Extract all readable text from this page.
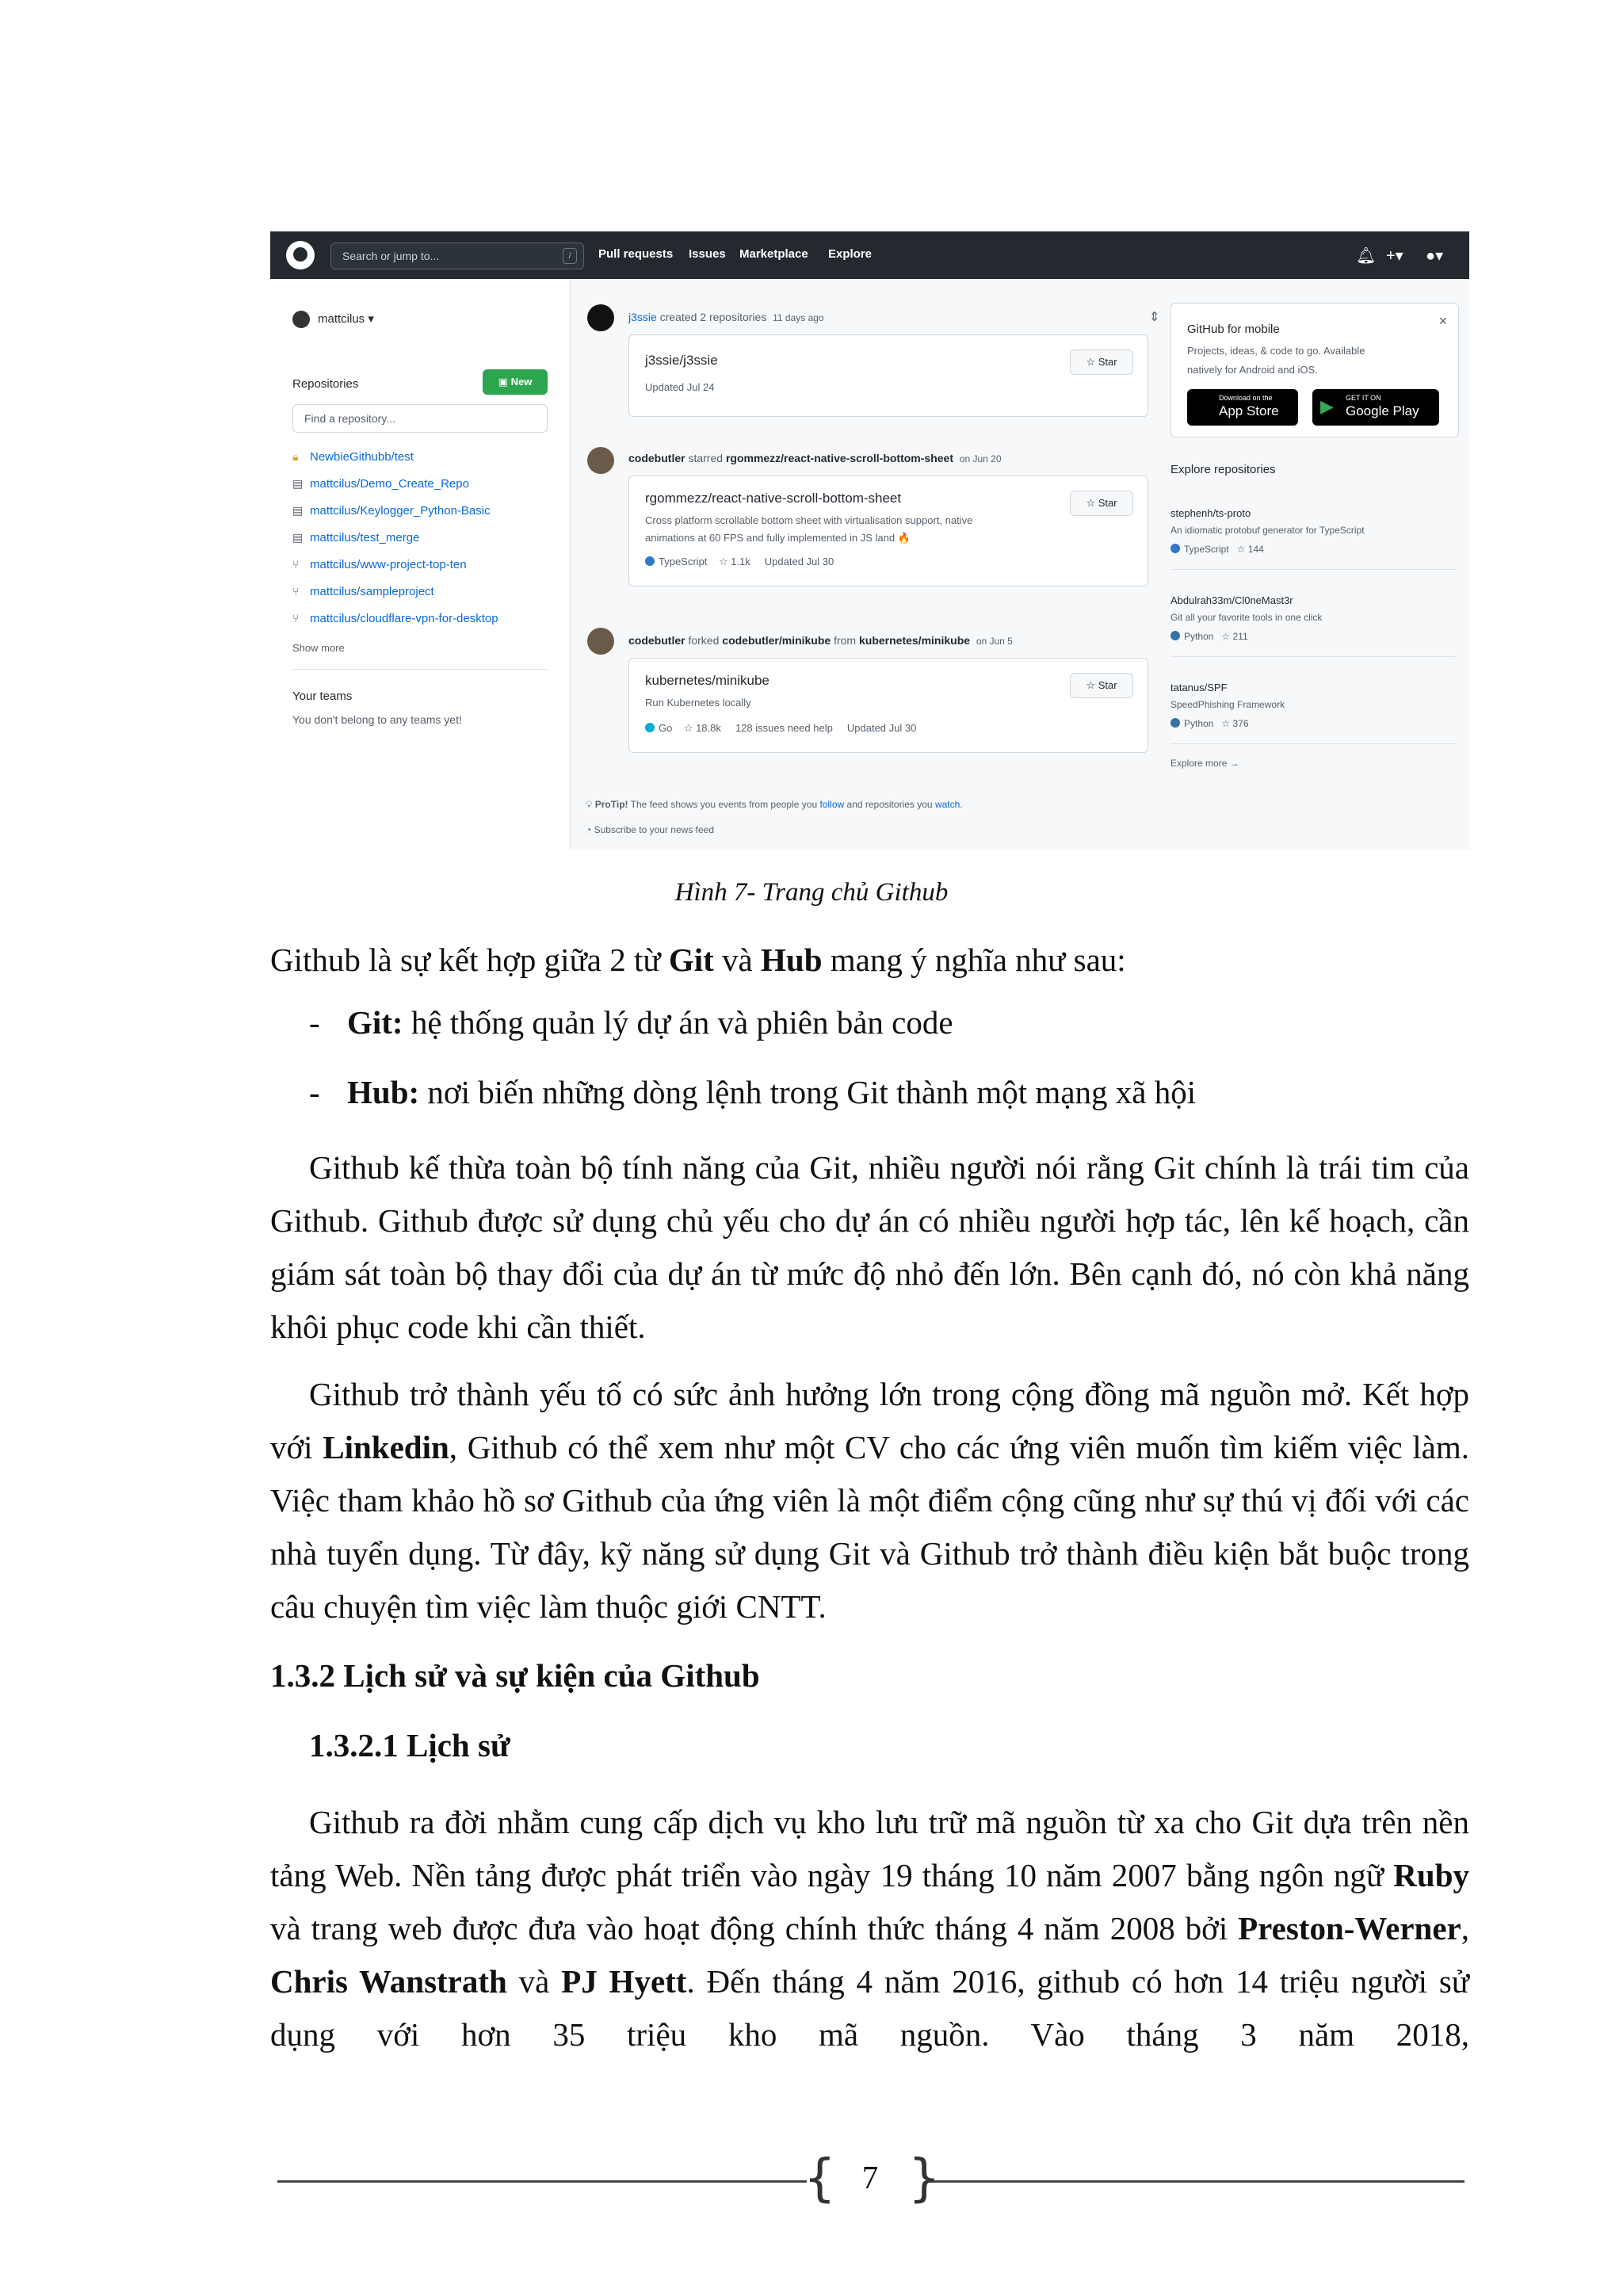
Search or jump to...	/	Pull requests Issues Marketplace Explore	🔔︎ +▾ ●▾
mattcilus ▾
Repositories	▣ New
Find a repository...
🔒︎ NewbieGithubb/test
▤ mattcilus/Demo_Create_Repo
▤ mattcilus/Keylogger_Python-Basic
▤ mattcilus/test_merge
⑂ mattcilus/www-project-top-ten
⑂ mattcilus/sampleproject
⑂ mattcilus/cloudflare-vpn-for-desktop
Show more
Your teams
You don't belong to any teams yet!
j3ssie created 2 repositories 11 days ago	⇕
j3ssie/j3ssie
Updated Jul 24
☆ Star
codebutler starred rgommezz/react-native-scroll-bottom-sheet on Jun 20
rgommezz/react-native-scroll-bottom-sheet
Cross platform scrollable bottom sheet with virtualisation support, native
animations at 60 FPS and fully implemented in JS land 🔥
TypeScript ☆ 1.1k Updated Jul 30
☆ Star
codebutler forked codebutler/minikube from kubernetes/minikube on Jun 5
kubernetes/minikube
Run Kubernetes locally
Go ☆ 18.8k 128 issues need help Updated Jul 30
☆ Star
💡︎ ProTip! The feed shows you events from people you follow and repositories you watch.
◔ Subscribe to your news feed
GitHub for mobile
×
Projects, ideas, & code to go. Available
natively for Android and iOS.
Download on the
App Store ▶ GET IT ON
Google Play
Explore repositories
stephenh/ts-proto
An idiomatic protobuf generator for TypeScript
TypeScript ☆ 144
Abdulrah33m/Cl0neMast3r
Git all your favorite tools in one click
Python ☆ 211
tatanus/SPF
SpeedPhishing Framework
Python ☆ 376
Explore more →
Hình 7- Trang chủ Github
Github là sự kết hợp giữa 2 từ Git và Hub mang ý nghĩa như sau:
- Git: hệ thống quản lý dự án và phiên bản code
- Hub: nơi biến những dòng lệnh trong Git thành một mạng xã hội
Github kế thừa toàn bộ tính năng của Git, nhiều người nói rằng Git chính là trái tim của Github. Github được sử dụng chủ yếu cho dự án có nhiều người hợp tác, lên kế hoạch, cần giám sát toàn bộ thay đổi của dự án từ mức độ nhỏ đến lớn. Bên cạnh đó, nó còn khả năng khôi phục code khi cần thiết.
Github trở thành yếu tố có sức ảnh hưởng lớn trong cộng đồng mã nguồn mở. Kết hợp với Linkedin, Github có thể xem như một CV cho các ứng viên muốn tìm kiếm việc làm. Việc tham khảo hồ sơ Github của ứng viên là một điểm cộng cũng như sự thú vị đối với các nhà tuyển dụng. Từ đây, kỹ năng sử dụng Git và Github trở thành điều kiện bắt buộc trong câu chuyện tìm việc làm thuộc giới CNTT.
1.3.2 Lịch sử và sự kiện của Github
1.3.2.1 Lịch sử
Github ra đời nhằm cung cấp dịch vụ kho lưu trữ mã nguồn từ xa cho Git dựa trên nền tảng Web. Nền tảng được phát triển vào ngày 19 tháng 10 năm 2007 bằng ngôn ngữ Ruby và trang web được đưa vào hoạt động chính thức tháng 4 năm 2008 bởi Preston-Werner, Chris Wanstrath và PJ Hyett. Đến tháng 4 năm 2016, github có hơn 14 triệu người sử dụng với hơn 35 triệu kho mã nguồn. Vào tháng 3 năm 2018,
{ }
7
